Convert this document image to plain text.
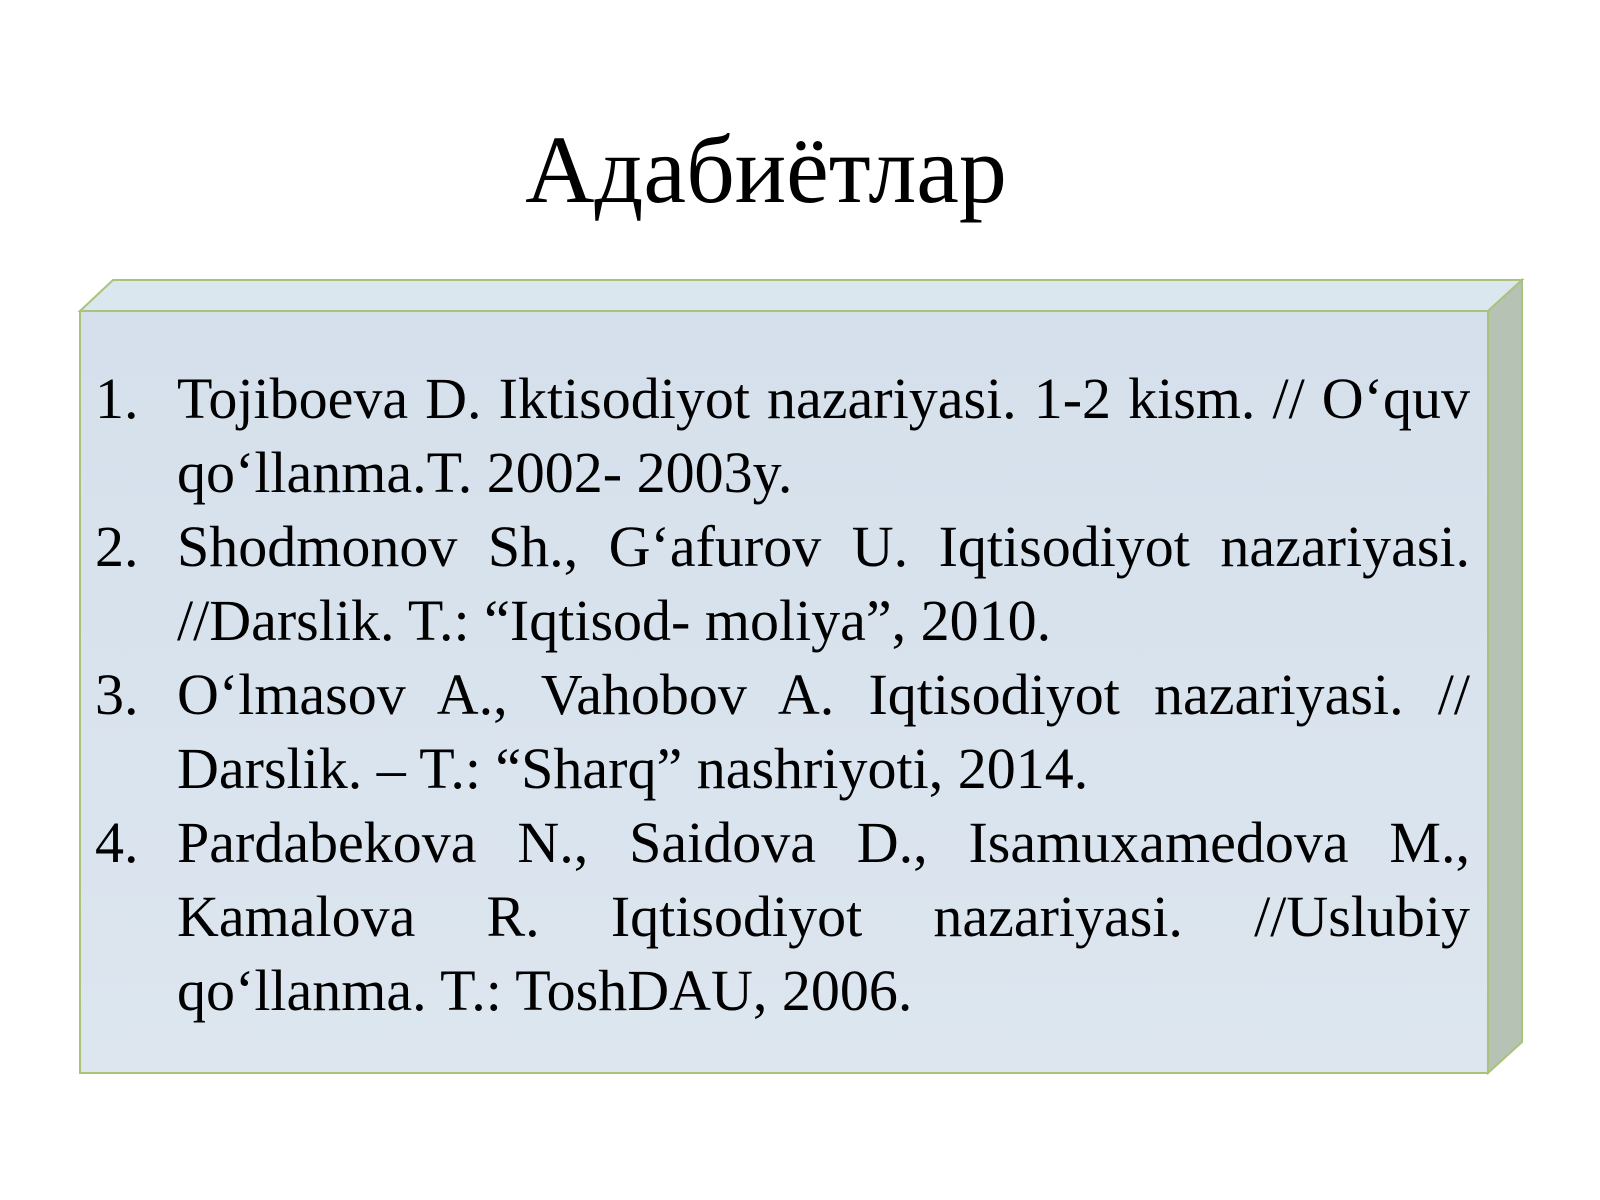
Адабиётлар
1. Tojiboeva D. Iktisodiyot nazariyasi. 1-2 kism. // O‘quv qo‘llanma.T. 2002- 2003y.
2. Shodmonov Sh., G‘afurov U. Iqtisodiyot nazariyasi. //Darslik. T.: “Iqtisod- moliya”, 2010.
3. O‘lmasov A., Vahobov A. Iqtisodiyot nazariyasi. // Darslik. – T.: “Sharq” nashriyoti, 2014.
4. Pardabekova N., Saidova D., Isamuxamedova M., Kamalova R. Iqtisodiyot nazariyasi. //Uslubiy qo‘llanma. T.: ToshDAU, 2006.
